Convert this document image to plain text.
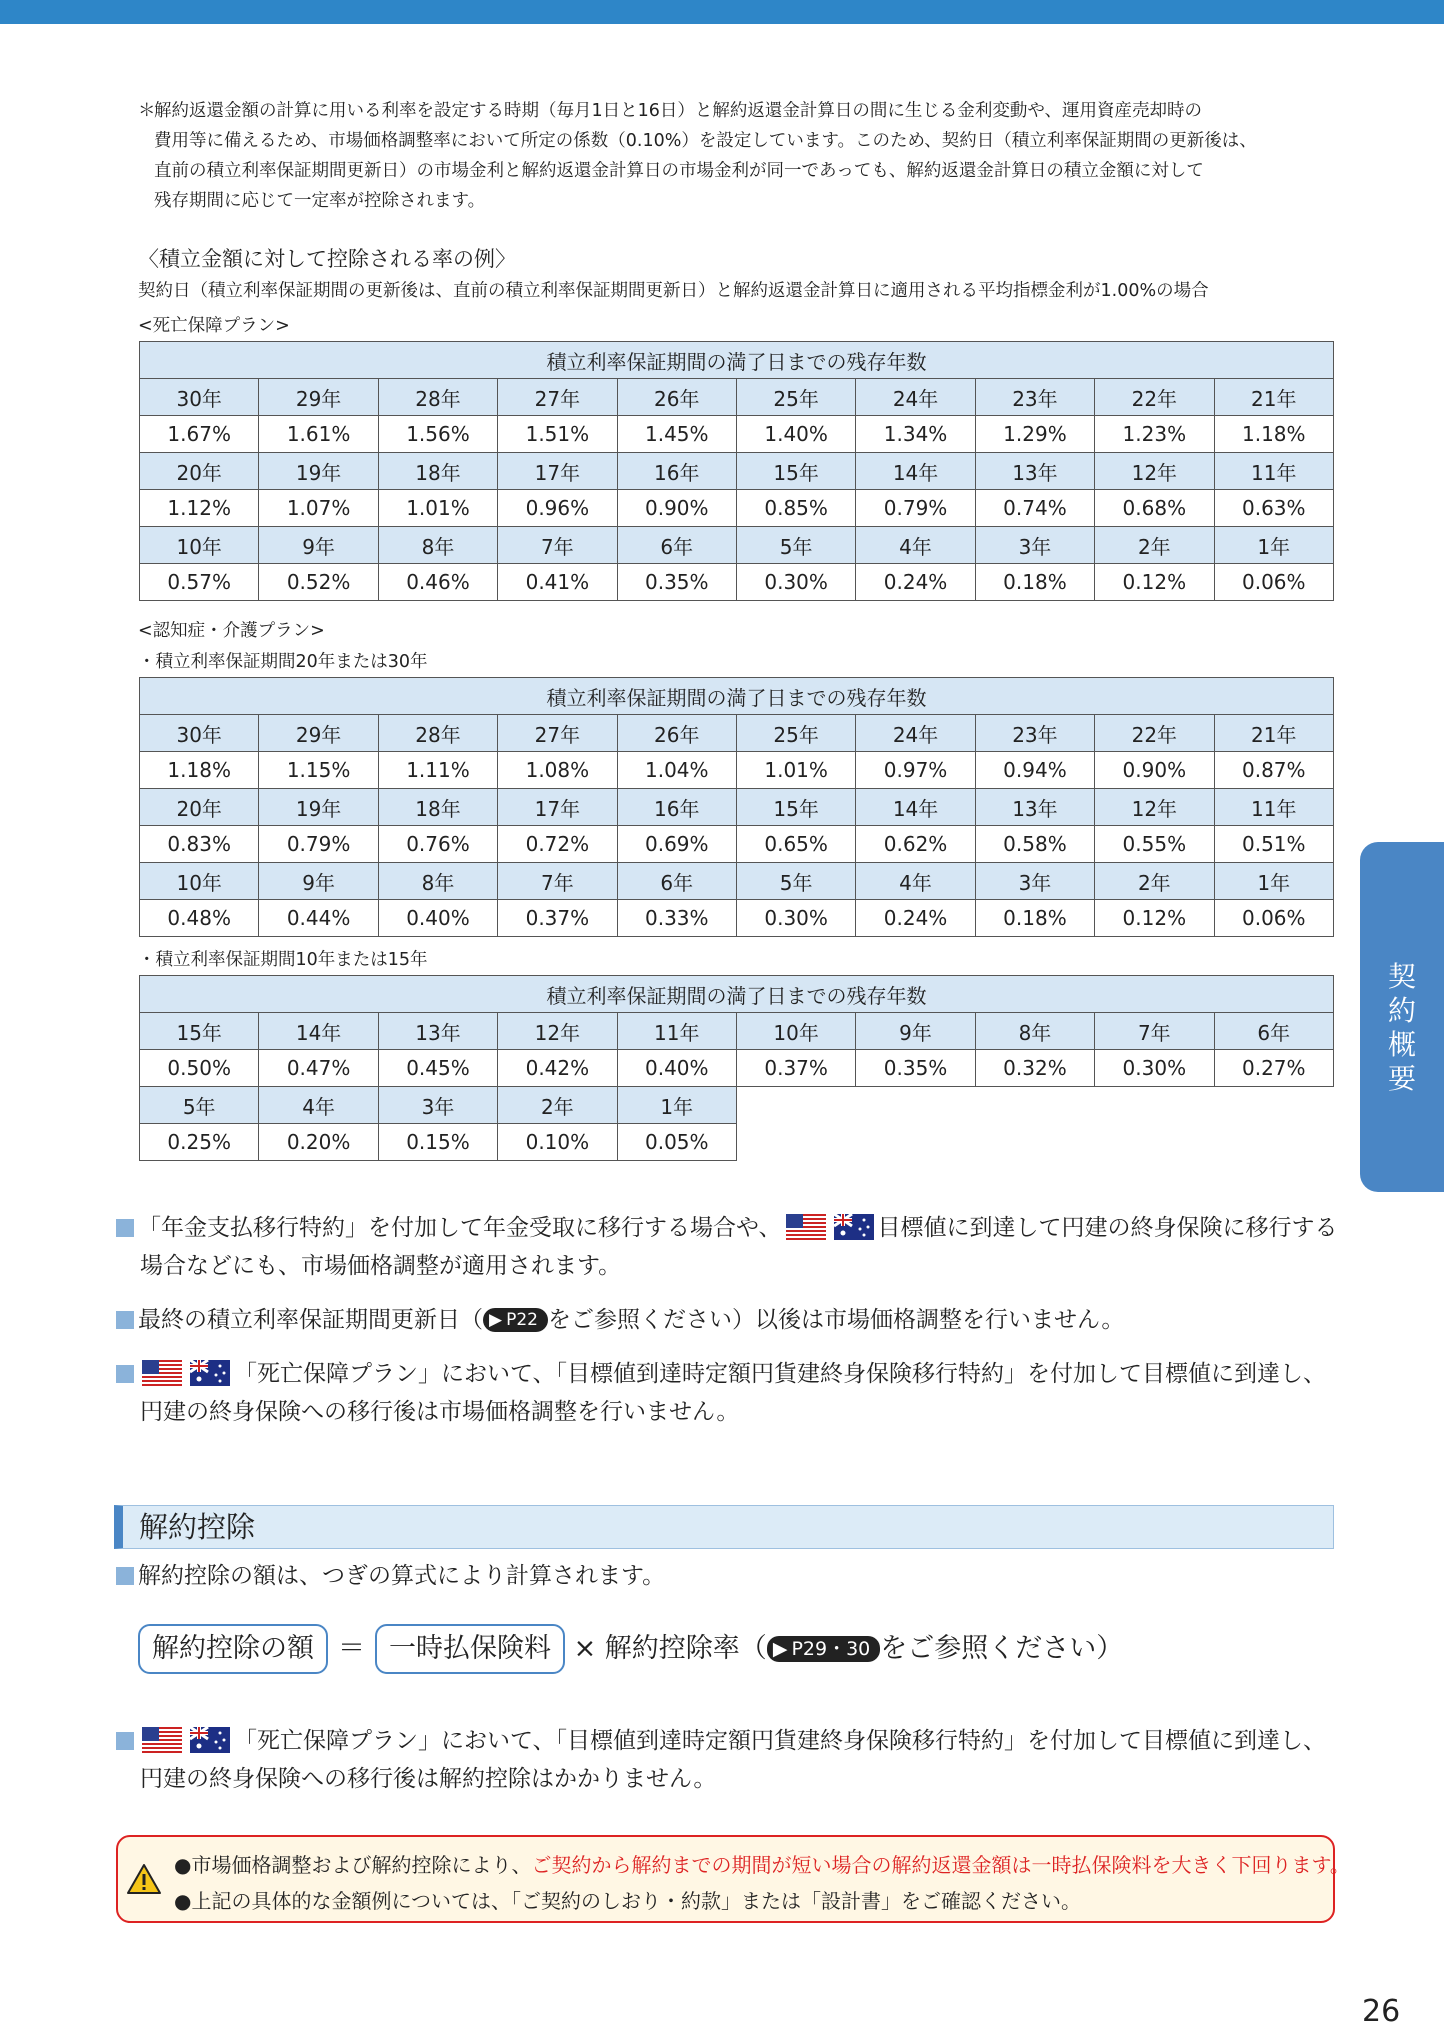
＊
解約返還金額の計算に用いる利率を設定する時期（毎月1日と16日）と解約返還金計算日の間に生じる金利変動や、運用資産売却時の
費用等に備えるため、市場価格調整率において所定の係数（0.10%）を設定しています。このため、契約日（積立利率保証期間の更新後は、
直前の積立利率保証期間更新日）の市場金利と解約返還金計算日の市場金利が同一であっても、解約返還金計算日の積立金額に対して
残存期間に応じて一定率が控除されます。
〈積立金額に対して控除される率の例〉
契約日（積立利率保証期間の更新後は、直前の積立利率保証期間更新日）と解約返還金計算日に適用される平均指標金利が1.00%の場合
<死亡保障プラン>
積立利率保証期間の満了日までの残存年数									
30年	29年	28年	27年	26年	25年	24年	23年	22年	21年
1.67%	1.61%	1.56%	1.51%	1.45%	1.40%	1.34%	1.29%	1.23%	1.18%
20年	19年	18年	17年	16年	15年	14年	13年	12年	11年
1.12%	1.07%	1.01%	0.96%	0.90%	0.85%	0.79%	0.74%	0.68%	0.63%
10年	9年	8年	7年	6年	5年	4年	3年	2年	1年
0.57%	0.52%	0.46%	0.41%	0.35%	0.30%	0.24%	0.18%	0.12%	0.06%
<認知症・介護プラン>
・積立利率保証期間20年または30年
積立利率保証期間の満了日までの残存年数									
30年	29年	28年	27年	26年	25年	24年	23年	22年	21年
1.18%	1.15%	1.11%	1.08%	1.04%	1.01%	0.97%	0.94%	0.90%	0.87%
20年	19年	18年	17年	16年	15年	14年	13年	12年	11年
0.83%	0.79%	0.76%	0.72%	0.69%	0.65%	0.62%	0.58%	0.55%	0.51%
10年	9年	8年	7年	6年	5年	4年	3年	2年	1年
0.48%	0.44%	0.40%	0.37%	0.33%	0.30%	0.24%	0.18%	0.12%	0.06%
・積立利率保証期間10年または15年
積立利率保証期間の満了日までの残存年数									
15年	14年	13年	12年	11年	10年	9年	8年	7年	6年
0.50%	0.47%	0.45%	0.42%	0.40%	0.37%	0.35%	0.32%	0.30%	0.27%
5年	4年	3年	2年	1年					
0.25%	0.20%	0.15%	0.10%	0.05%					
契約概要
「年金支払移行特約」を付加して年金受取に移行する場合や、	目標値に到達して円建の終身保険に移行する
場合などにも、市場価格調整が適用されます。
最終の積立利率保証期間更新日（ ▶ P22 をご参照ください）以後は市場価格調整を行いません。
「死亡保障プラン」において、「目標値到達時定額円貨建終身保険移行特約」を付加して目標値に到達し、
円建の終身保険への移行後は市場価格調整を行いません。
解約控除
解約控除の額は、つぎの算式により計算されます。
解約控除の額 ＝ 一時払保険料 × 解約控除率（ ▶ P29・30 をご参照ください）
「死亡保障プラン」において、「目標値到達時定額円貨建終身保険移行特約」を付加して目標値に到達し、
円建の終身保険への移行後は解約控除はかかりません。
●市場価格調整および解約控除により、ご契約から解約までの期間が短い場合の解約返還金額は一時払保険料を大きく下回ります。
●上記の具体的な金額例については、「ご契約のしおり・約款」または「設計書」をご確認ください。
26
